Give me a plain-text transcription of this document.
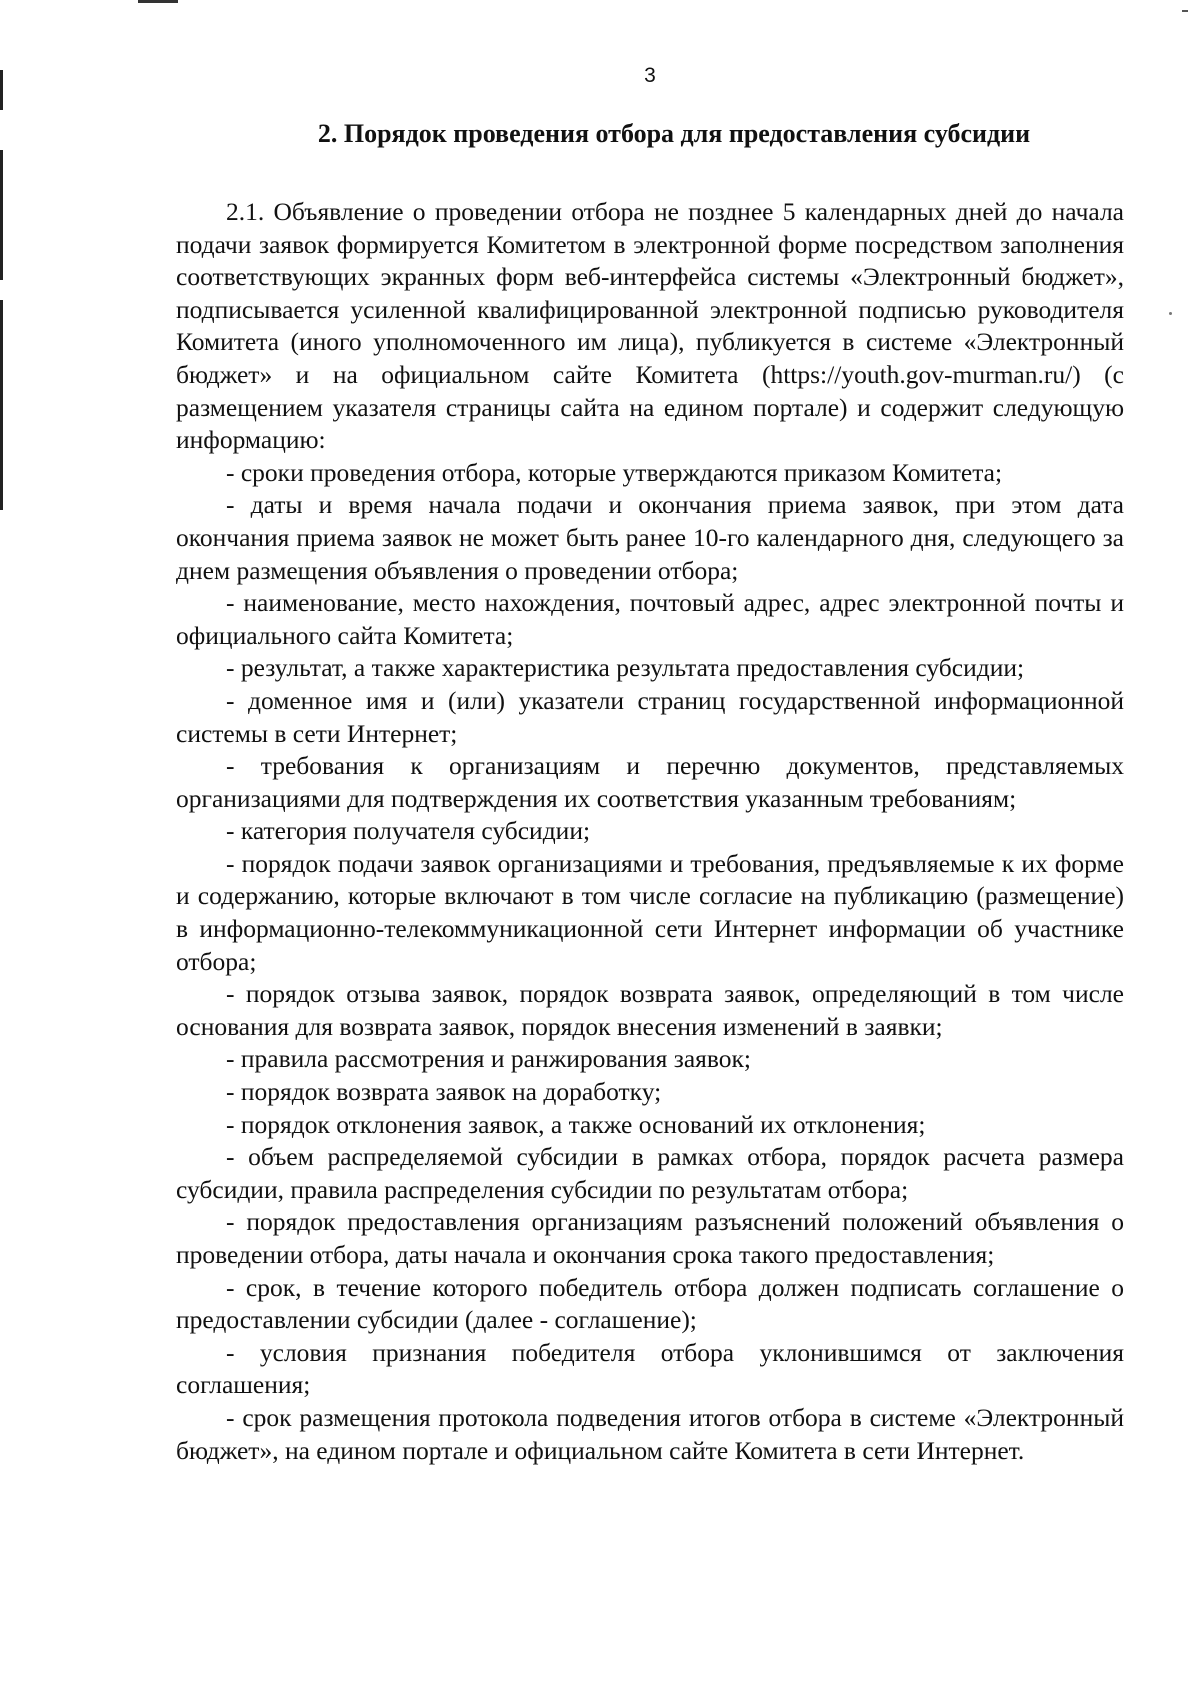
3
2. Порядок проведения отбора для предоставления субсидии

2.1. Объявление о проведении отбора не позднее 5 календарных дней до начала подачи заявок формируется Комитетом в электронной форме посредством заполнения соответствующих экранных форм веб-интерфейса системы «Электронный бюджет», подписывается усиленной квалифицированной электронной подписью руководителя Комитета (иного уполномоченного им лица), публикуется в системе «Электронный бюджет» и на официальном сайте Комитета (https://youth.gov-murman.ru/) (с размещением указателя страницы сайта на едином портале) и содержит следующую информацию:

- сроки проведения отбора, которые утверждаются приказом Комитета;

- даты и время начала подачи и окончания приема заявок, при этом дата окончания приема заявок не может быть ранее 10-го календарного дня, следующего за днем размещения объявления о проведении отбора;

- наименование, место нахождения, почтовый адрес, адрес электронной почты и официального сайта Комитета;

- результат, а также характеристика результата предоставления субсидии;

- доменное имя и (или) указатели страниц государственной информационной системы в сети Интернет;

- требования к организациям и перечню документов, представляемых организациями для подтверждения их соответствия указанным требованиям;

- категория получателя субсидии;

- порядок подачи заявок организациями и требования, предъявляемые к их форме и содержанию, которые включают в том числе согласие на публикацию (размещение) в информационно-телекоммуникационной сети Интернет информации об участнике отбора;

- порядок отзыва заявок, порядок возврата заявок, определяющий в том числе основания для возврата заявок, порядок внесения изменений в заявки;

- правила рассмотрения и ранжирования заявок;

- порядок возврата заявок на доработку;

- порядок отклонения заявок, а также оснований их отклонения;

- объем распределяемой субсидии в рамках отбора, порядок расчета размера субсидии, правила распределения субсидии по результатам отбора;

- порядок предоставления организациям разъяснений положений объявления о проведении отбора, даты начала и окончания срока такого предоставления;

- срок, в течение которого победитель отбора должен подписать соглашение о предоставлении субсидии (далее - соглашение);

- условия признания победителя отбора уклонившимся от заключения соглашения;

- срок размещения протокола подведения итогов отбора в системе «Электронный бюджет», на едином портале и официальном сайте Комитета в сети Интернет.
